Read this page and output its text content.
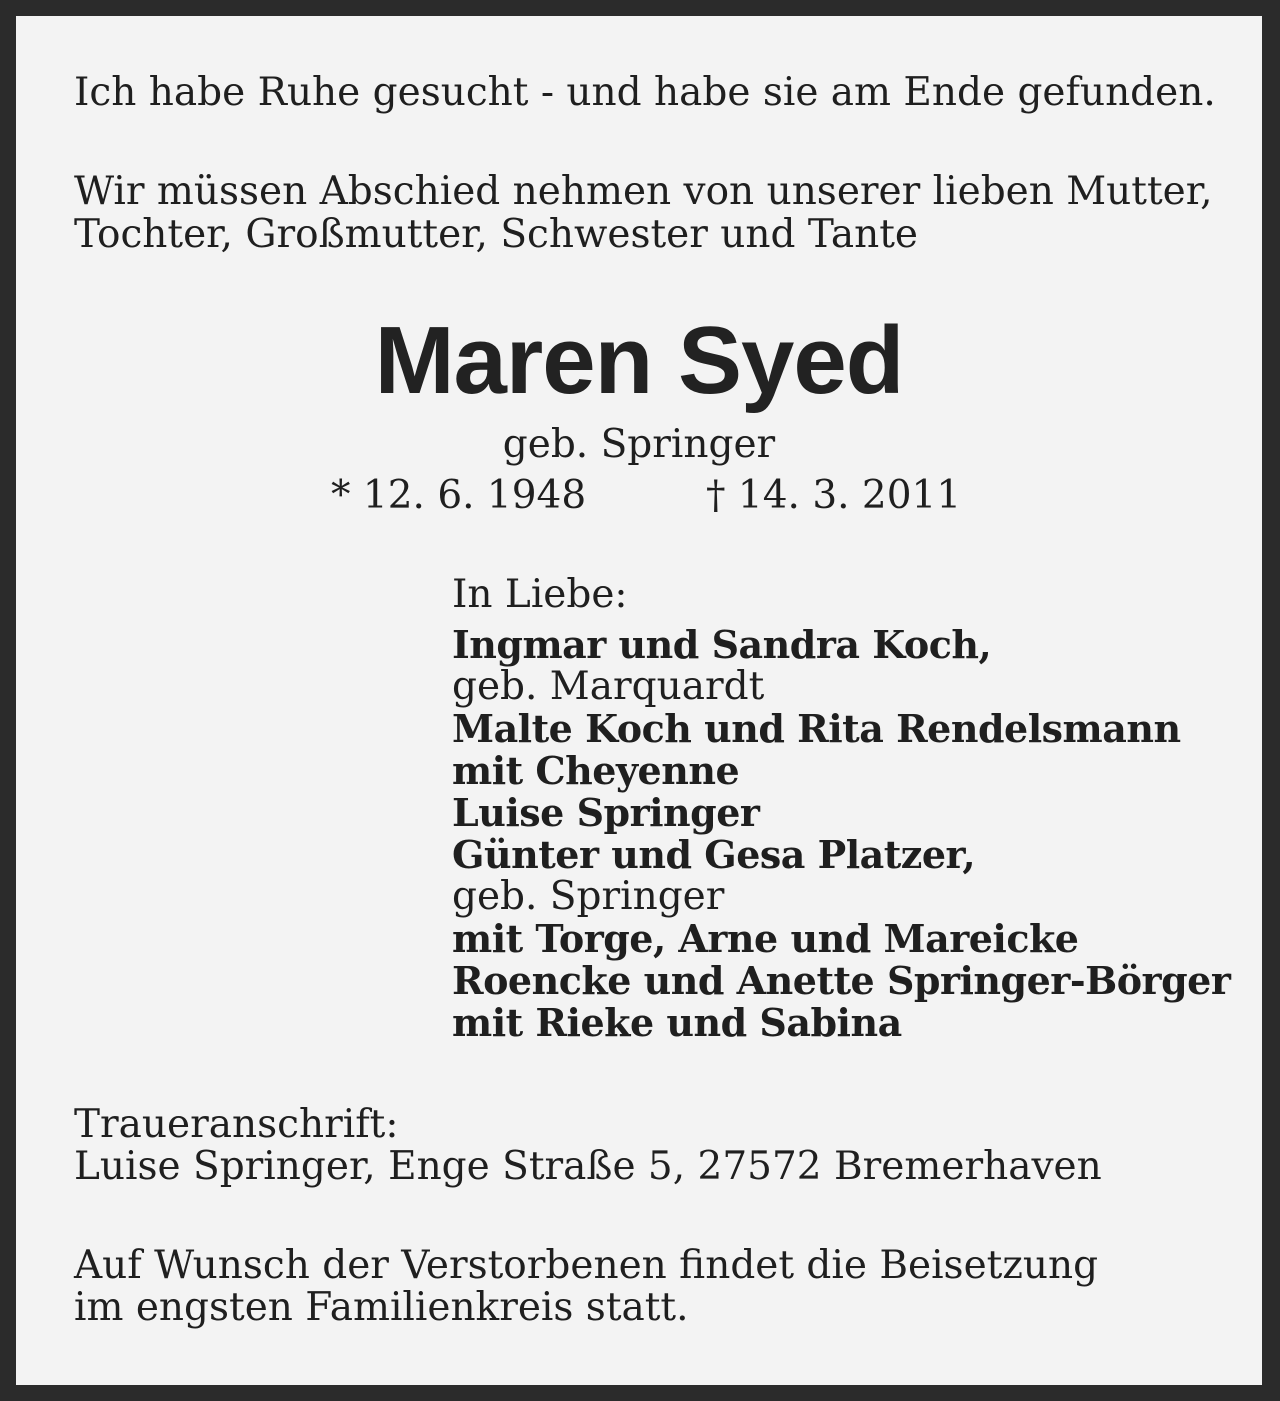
Ich habe Ruhe gesucht - und habe sie am Ende gefunden.
Wir müssen Abschied nehmen von unserer lieben Mutter,
Tochter, Großmutter, Schwester und Tante
Maren Syed
geb. Springer
* 12. 6. 1948	† 14. 3. 2011
In Liebe:
Ingmar und Sandra Koch,
geb. Marquardt
Malte Koch und Rita Rendelsmann
mit Cheyenne
Luise Springer
Günter und Gesa Platzer,
geb. Springer
mit Torge, Arne und Mareicke
Roencke und Anette Springer-Börger
mit Rieke und Sabina
Traueranschrift:
Luise Springer, Enge Straße 5, 27572 Bremerhaven
Auf Wunsch der Verstorbenen findet die Beisetzung
im engsten Familienkreis statt.
